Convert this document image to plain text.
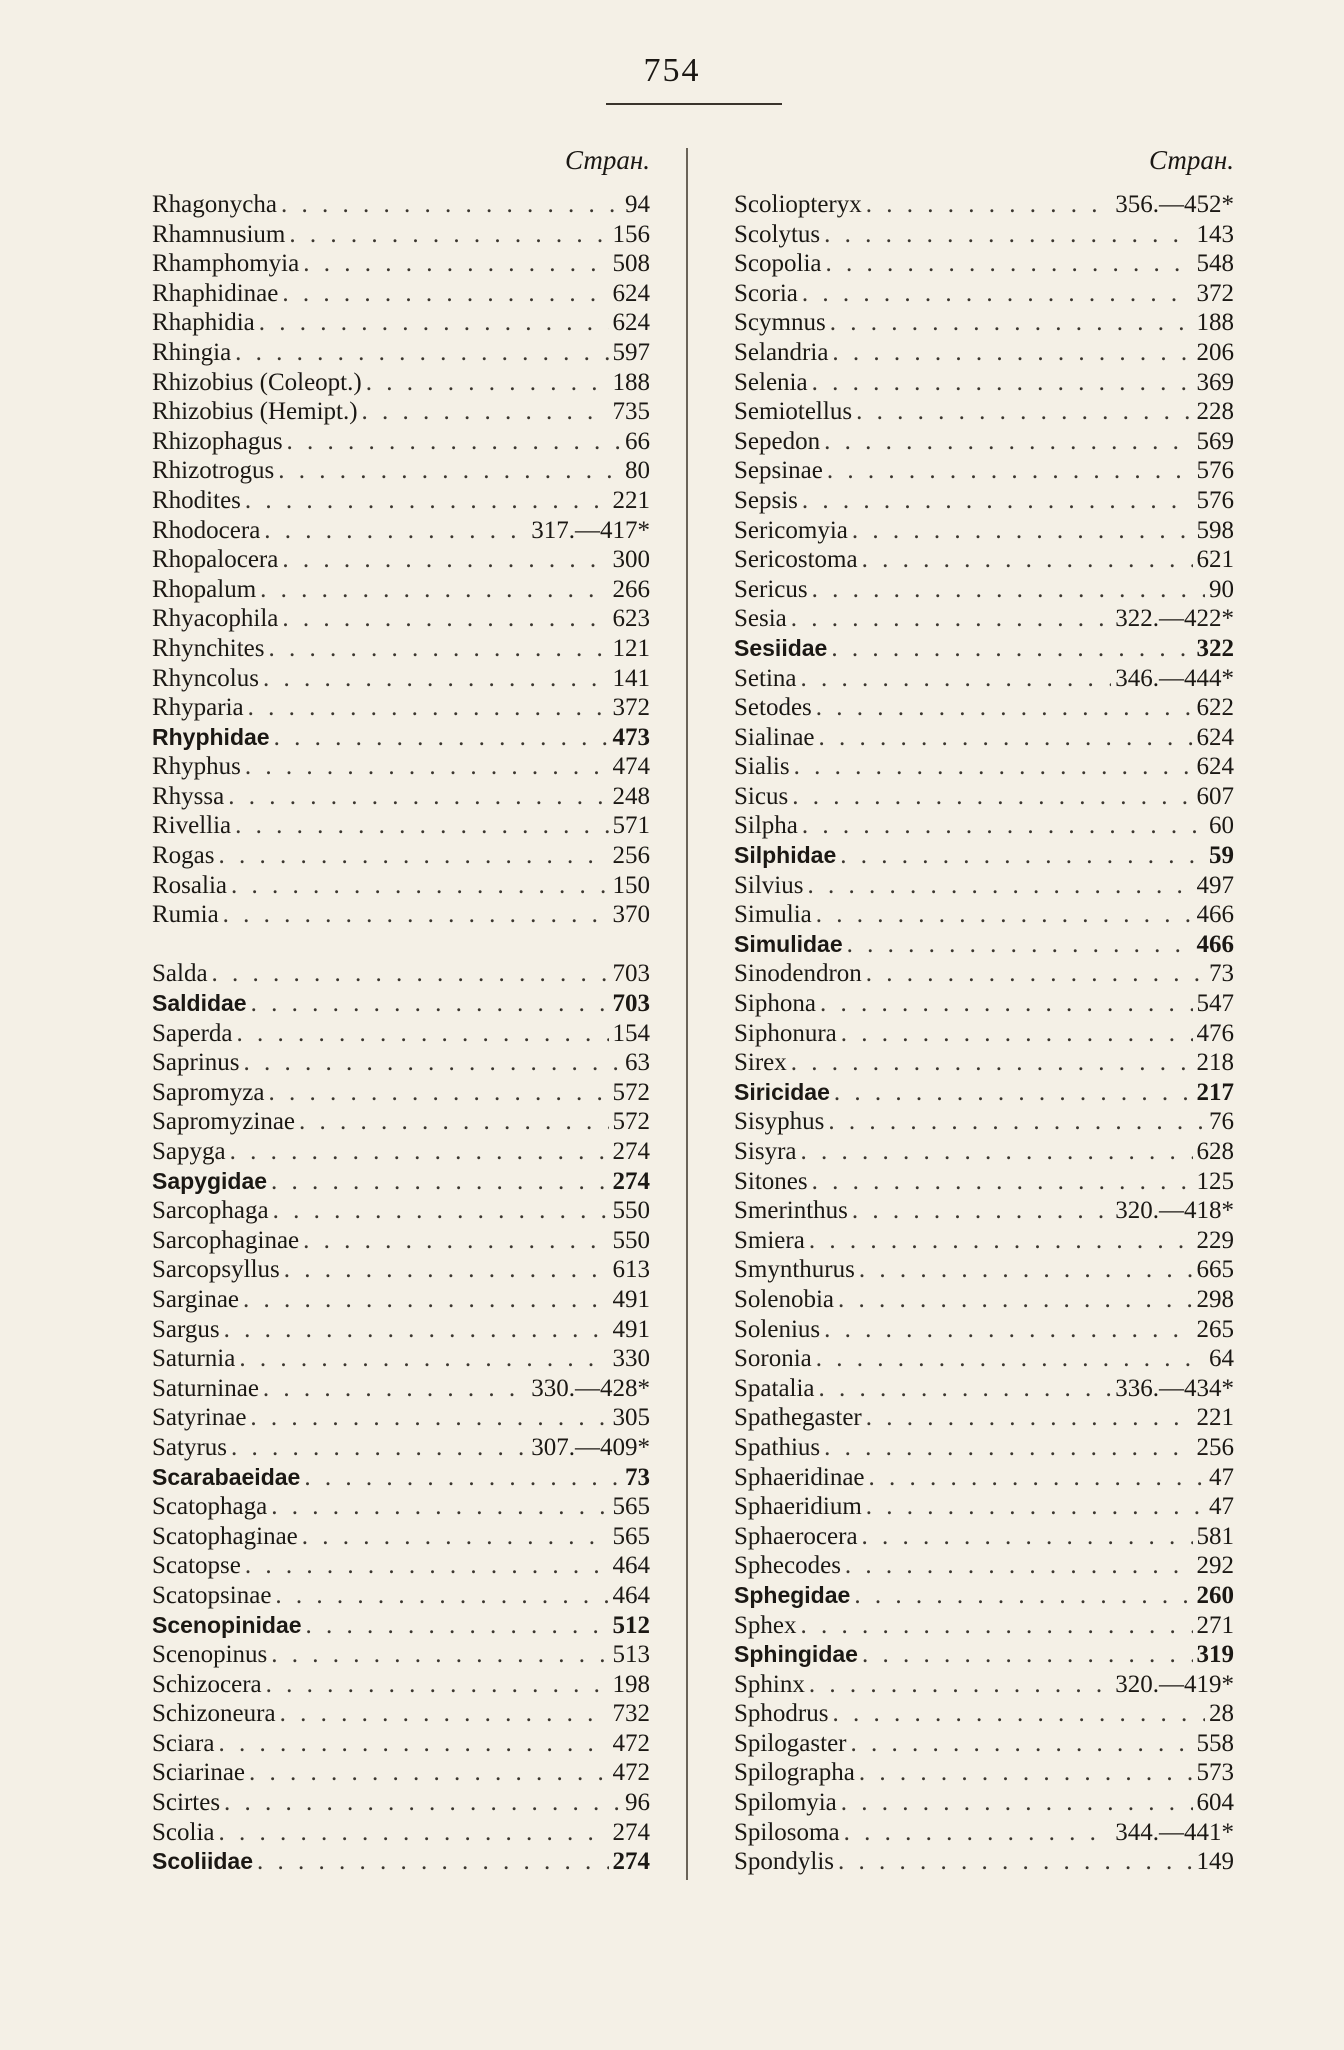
754
Стран.
Rhagonycha . . .	94
Rhamnusium . . .	156
Rhamphomyia . . .	508
Rhaphidinae . . .	624
Rhaphidia . . .	624
Rhingia . . .	597
Rhizobius (Coleopt.) . . .	188
Rhizobius (Hemipt.) . . .	735
Rhizophagus . . .	66
Rhizotrogus . . .	80
Rhodites . . .	221
Rhodocera . . .	317.—417*
Rhopalocera . . .	300
Rhopalum . . .	266
Rhyacophila . . .	623
Rhynchites . . .	121
Rhyncolus . . .	141
Rhyparia . . .	372
Rhyphidae . . .	473
Rhyphus . . .	474
Rhyssa . . .	248
Rivellia . . .	571
Rogas . . .	256
Rosalia . . .	150
Rumia . . .	370
Salda . . .	703
Saldidae . . .	703
Saperda . . .	154
Saprinus . . .	63
Sapromyza . . .	572
Sapromyzinae . . .	572
Sapyga . . .	274
Sapygidae . . .	274
Sarcophaga . . .	550
Sarcophaginae . . .	550
Sarcopsyllus . . .	613
Sarginae . . .	491
Sargus . . .	491
Saturnia . . .	330
Saturninae . . .	330.—428*
Satyrinae . . .	305
Satyrus . . .	307.—409*
Scarabaeidae . . .	73
Scatophaga . . .	565
Scatophaginae . . .	565
Scatopse . . .	464
Scatopsinae . . .	464
Scenopinidae . . .	512
Scenopinus . . .	513
Schizocera . . .	198
Schizoneura . . .	732
Sciara . . .	472
Sciarinae . . .	472
Scirtes . . .	96
Scolia . . .	274
Scoliidae . . .	274
Стран.
Scoliopteryx . . .	356.—452*
Scolytus . . .	143
Scopolia . . .	548
Scoria . . .	372
Scymnus . . .	188
Selandria . . .	206
Selenia . . .	369
Semiotellus . . .	228
Sepedon . . .	569
Sepsinae . . .	576
Sepsis . . .	576
Sericomyia . . .	598
Sericostoma . . .	621
Sericus . . .	90
Sesia . . .	322.—422*
Sesiidae . . .	322
Setina . . .	346.—444*
Setodes . . .	622
Sialinae . . .	624
Sialis . . .	624
Sicus . . .	607
Silpha . . .	60
Silphidae . . .	59
Silvius . . .	497
Simulia . . .	466
Simulidae . . .	466
Sinodendron . . .	73
Siphona . . .	547
Siphonura . . .	476
Sirex . . .	218
Siricidae . . .	217
Sisyphus . . .	76
Sisyra . . .	628
Sitones . . .	125
Smerinthus . . .	320.—418*
Smiera . . .	229
Smynthurus . . .	665
Solenobia . . .	298
Solenius . . .	265
Soronia . . .	64
Spatalia . . .	336.—434*
Spathegaster . . .	221
Spathius . . .	256
Sphaeridinae . . .	47
Sphaeridium . . .	47
Sphaerocera . . .	581
Sphecodes . . .	292
Sphegidae . . .	260
Sphex . . .	271
Sphingidae . . .	319
Sphinx . . .	320.—419*
Sphodrus . . .	28
Spilogaster . . .	558
Spilographa . . .	573
Spilomyia . . .	604
Spilosoma . . .	344.—441*
Spondylis . . .	149
